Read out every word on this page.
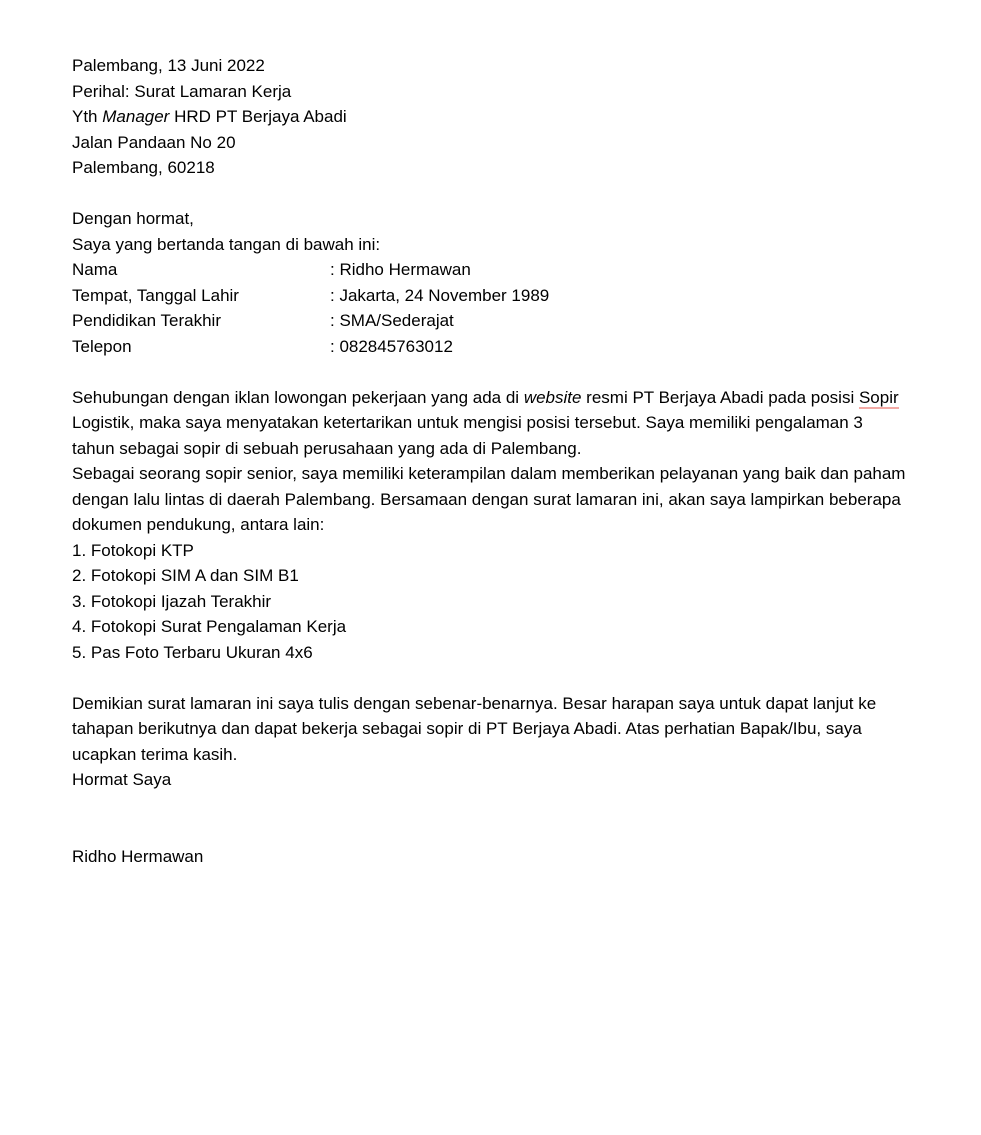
Palembang, 13 Juni 2022

Perihal: Surat Lamaran Kerja

Yth Manager HRD PT Berjaya Abadi

Jalan Pandaan No 20

Palembang, 60218

Dengan hormat,

Saya yang bertanda tangan di bawah ini:

Nama	: Ridho Hermawan
Tempat, Tanggal Lahir	: Jakarta, 24 November 1989
Pendidikan Terakhir	: SMA/Sederajat
Telepon	: 082845763012

Sehubungan dengan iklan lowongan pekerjaan yang ada di website resmi PT Berjaya Abadi pada posisi Sopir Logistik, maka saya menyatakan ketertarikan untuk mengisi posisi tersebut. Saya memiliki pengalaman 3 tahun sebagai sopir di sebuah perusahaan yang ada di Palembang.

Sebagai seorang sopir senior, saya memiliki keterampilan dalam memberikan pelayanan yang baik dan paham dengan lalu lintas di daerah Palembang. Bersamaan dengan surat lamaran ini, akan saya lampirkan beberapa dokumen pendukung, antara lain:

1. Fotokopi KTP

2. Fotokopi SIM A dan SIM B1

3. Fotokopi Ijazah Terakhir

4. Fotokopi Surat Pengalaman Kerja

5. Pas Foto Terbaru Ukuran 4x6

Demikian surat lamaran ini saya tulis dengan sebenar-benarnya. Besar harapan saya untuk dapat lanjut ke tahapan berikutnya dan dapat bekerja sebagai sopir di PT Berjaya Abadi. Atas perhatian Bapak/Ibu, saya ucapkan terima kasih.

Hormat Saya

Ridho Hermawan
